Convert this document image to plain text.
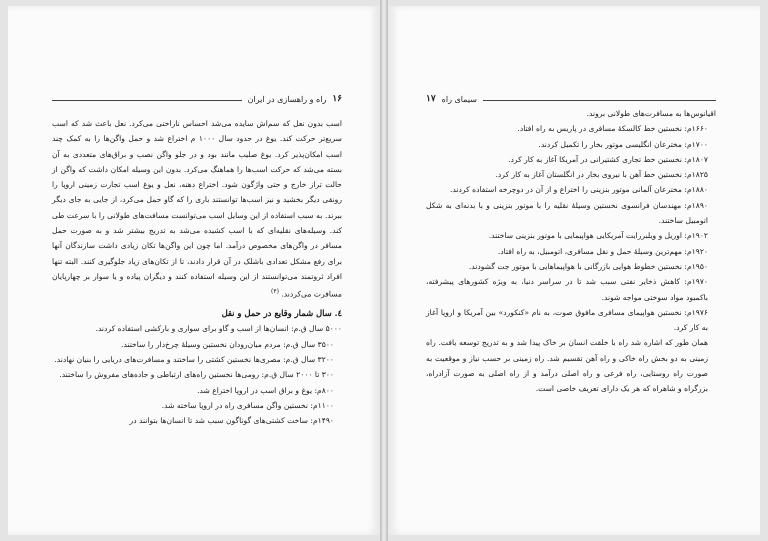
۱۶
راه و راهسازی در ایران

اسب بدون نعل که سم‌اش سایده می‌شد احساس ناراحتی می‌کرد. نعل باعث شد که اسب سریع‌تر حرکت کند. یوغ در حدود سال ۱۰۰۰ م اختراع شد و حمل واگن‌ها را به کمک چند اسب امکان‌پذیر کرد. یوغ صلیب مانند بود و در جلو واگن نصب و براق‌های متعددی به آن بسته می‌شد که حرکت اسب‌ها را هماهنگ می‌کرد. بدون این وسیله امکان داشت که واگن از حالت تراز خارج و حتی واژگون شود. اختراع دهنه، نعل و یوغ اسب تجارت زمینی اروپا را رونقی دیگر بخشید و نیز اسب‌ها توانستند باری را که گاو حمل می‌کرد، از جایی به جای دیگر ببرند. به سبب استفاده از این وسایل اسب می‌توانست مسافت‌های طولانی را با سرعت طی کند. وسیله‌های نقلیه‌ای که با اسب کشیده می‌شد به تدریج بیشتر شد و به صورت حمل مسافر در واگن‌های مخصوص درآمد. اما چون این واگن‌ها تکان زیادی داشت سازندگان آنها برای رفع مشکل تعدادی باشلک در آن قرار دادند، تا از تکان‌های زیاد جلوگیری کنند. البته تنها افراد ثروتمند می‌توانستند از این وسیله استفاده کنند و دیگران پیاده و یا سوار بر چهارپایان مسافرت می‌کردند. $^{(۴)}$

٤. سال شمار وقایع در حمل و نقل

۵۰۰۰ سال ق.م: انسان‌ها از اسب و گاو برای سواری و بارکشی استفاده کردند.

۳۵۰۰ سال ق.م: مردم میان‌رودان نخستین وسیلهٔ چرخ‌دار را ساختند.

۳۲۰۰ سال ق.م: مصری‌ها نخستین کشتی را ساختند و مسافرت‌های دریایی را بنیان نهادند.

۳۰۰ تا ۲۰۰۰ سال ق.م: رومی‌ها نخستین راه‌های ارتباطی و جاده‌های مفروش را ساختند.

۸۰۰م: یوغ و براق اسب در اروپا اختراع شد.

۱۱۰۰م: نخستین واگن مسافری راه در اروپا ساخته شد.

۱۴۹۰م: ساخت کشتی‌های گوناگون سبب شد تا انسان‌ها بتوانند در

سیمای راه
۱۷

اقیانوس‌ها به مسافرت‌های طولانی بروند.

۱۶۶۰م: نخستین خط کالسکهٔ مسافری در پاریس به راه افتاد.

۱۷۰۰م: مخترعان انگلیسی موتور بخار را تکمیل کردند.

۱۸۰۷م: نخستین خط تجاری کشتیرانی در آمریکا آغاز به کار کرد.

۱۸۲۵م: نخستین خط آهن با نیروی بخار در انگلستان آغاز به کار کرد.

۱۸۸۰م: مخترعان آلمانی موتور بنزینی را اختراع و از آن در دوچرخه استفاده کردند.

۱۸۹۰م: مهندسان فرانسوی نخستین وسیلهٔ نقلیه را با موتور بنزینی و با بدنه‌ای به شکل اتومبیل ساختند.

۱۹۰۲م: اوریل و ویلبررایت آمریکایی هواپیمایی با موتور بنزینی ساختند.

۱۹۲۰م: مهم‌ترین وسیلهٔ حمل و نقل مسافری، اتومبیل، به راه افتاد.

۱۹۵۰م: نخستین خطوط هوایی بازرگانی با هواپیماهایی با موتور جت گشودند.

۱۹۷۰م: کاهش ذخایر نفتی سبب شد تا در سراسر دنیا، به ویژه کشورهای پیشرفته، باکمبود مواد سوختی مواجه شوند.

۱۹۷۶م: نخستین هواپیمای مسافری مافوق صوت، به نام «کنکورد» بین آمریکا و اروپا آغاز به کار کرد.

همان طور که اشاره شد راه با خلقت انسان بر خاک پیدا شد و به تدریج توسعه یافت. راه زمینی به دو بخش راه خاکی و راه آهن تقسیم شد. راه زمینی بر حسب نیاز و موقعیت به صورت راه روستایی، راه فرعی و راه اصلی درآمد و از راه اصلی به صورت آزادراه، بزرگراه و شاهراه که هر یک دارای تعریف خاصی است.
